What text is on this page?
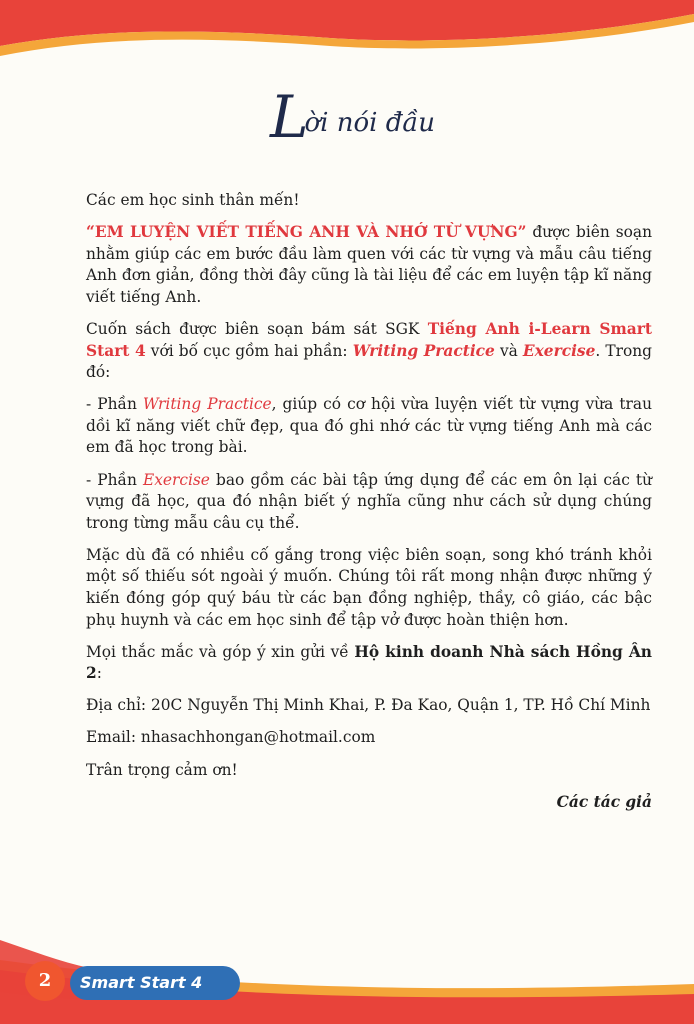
Lời nói đầu

Các em học sinh thân mến!

“EM LUYỆN VIẾT TIẾNG ANH VÀ NHỚ TỪ VỰNG” được biên soạn nhằm giúp các em bước đầu làm quen với các từ vựng và mẫu câu tiếng Anh đơn giản, đồng thời đây cũng là tài liệu để các em luyện tập kĩ năng viết tiếng Anh.

Cuốn sách được biên soạn bám sát SGK Tiếng Anh i-Learn Smart Start 4 với bố cục gồm hai phần: Writing Practice và Exercise. Trong đó:

- Phần Writing Practice, giúp có cơ hội vừa luyện viết từ vựng vừa trau dồi kĩ năng viết chữ đẹp, qua đó ghi nhớ các từ vựng tiếng Anh mà các em đã học trong bài.

- Phần Exercise bao gồm các bài tập ứng dụng để các em ôn lại các từ vựng đã học, qua đó nhận biết ý nghĩa cũng như cách sử dụng chúng trong từng mẫu câu cụ thể.

Mặc dù đã có nhiều cố gắng trong việc biên soạn, song khó tránh khỏi một số thiếu sót ngoài ý muốn. Chúng tôi rất mong nhận được những ý kiến đóng góp quý báu từ các bạn đồng nghiệp, thầy, cô giáo, các bậc phụ huynh và các em học sinh để tập vở được hoàn thiện hơn.

Mọi thắc mắc và góp ý xin gửi về Hộ kinh doanh Nhà sách Hồng Ân 2:

Địa chỉ: 20C Nguyễn Thị Minh Khai, P. Đa Kao, Quận 1, TP. Hồ Chí Minh

Email: nhasachhongan@hotmail.com

Trân trọng cảm ơn!

Các tác giả

2	Smart Start 4
